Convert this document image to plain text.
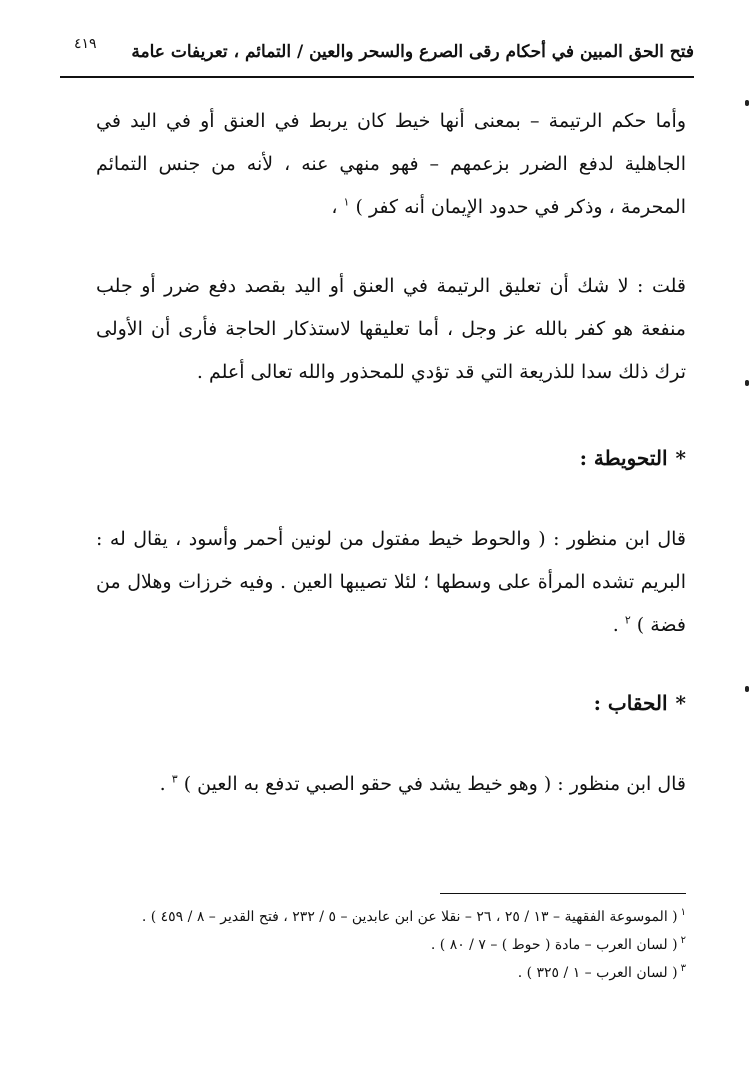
فتح الحق المبين في أحكام رقى الصرع والسحر والعين / التمائم ، تعريفات عامة
٤١٩

وأما حكم الرتيمة – بمعنى أنها خيط كان يربط في العنق أو في اليد في الجاهلية لدفع الضرر بزعمهم – فهو منهي عنه ، لأنه من جنس التمائم المحرمة ، وذكر في حدود الإيمان أنه كفر ) $^١$ ،

قلت : لا شك أن تعليق الرتيمة في العنق أو اليد بقصد دفع ضرر أو جلب منفعة هو كفر بالله عز وجل ، أما تعليقها لاستذكار الحاجة فأرى أن الأولى ترك ذلك سدا للذريعة التي قد تؤدي للمحذور والله تعالى أعلم .

*التحويطة :

قال ابن منظور : ( والحوط خيط مفتول من لونين أحمر وأسود ، يقال له : البريم تشده المرأة على وسطها ؛ لئلا تصيبها العين . وفيه خرزات وهلال من فضة ) $^٢$ .

*الحقاب :

قال ابن منظور : ( وهو خيط يشد في حقو الصبي تدفع به العين ) $^٣$ .

$^١$( الموسوعة الفقهية – ١٣ / ٢٥ ، ٢٦ – نقلا عن ابن عابدين – ٥ / ٢٣٢ ، فتح القدير – ٨ / ٤٥٩ ) .

$^٢$( لسان العرب – مادة ( حوط ) – ٧ / ٨٠ ) .

$^٣$( لسان العرب – ١ / ٣٢٥ ) .
